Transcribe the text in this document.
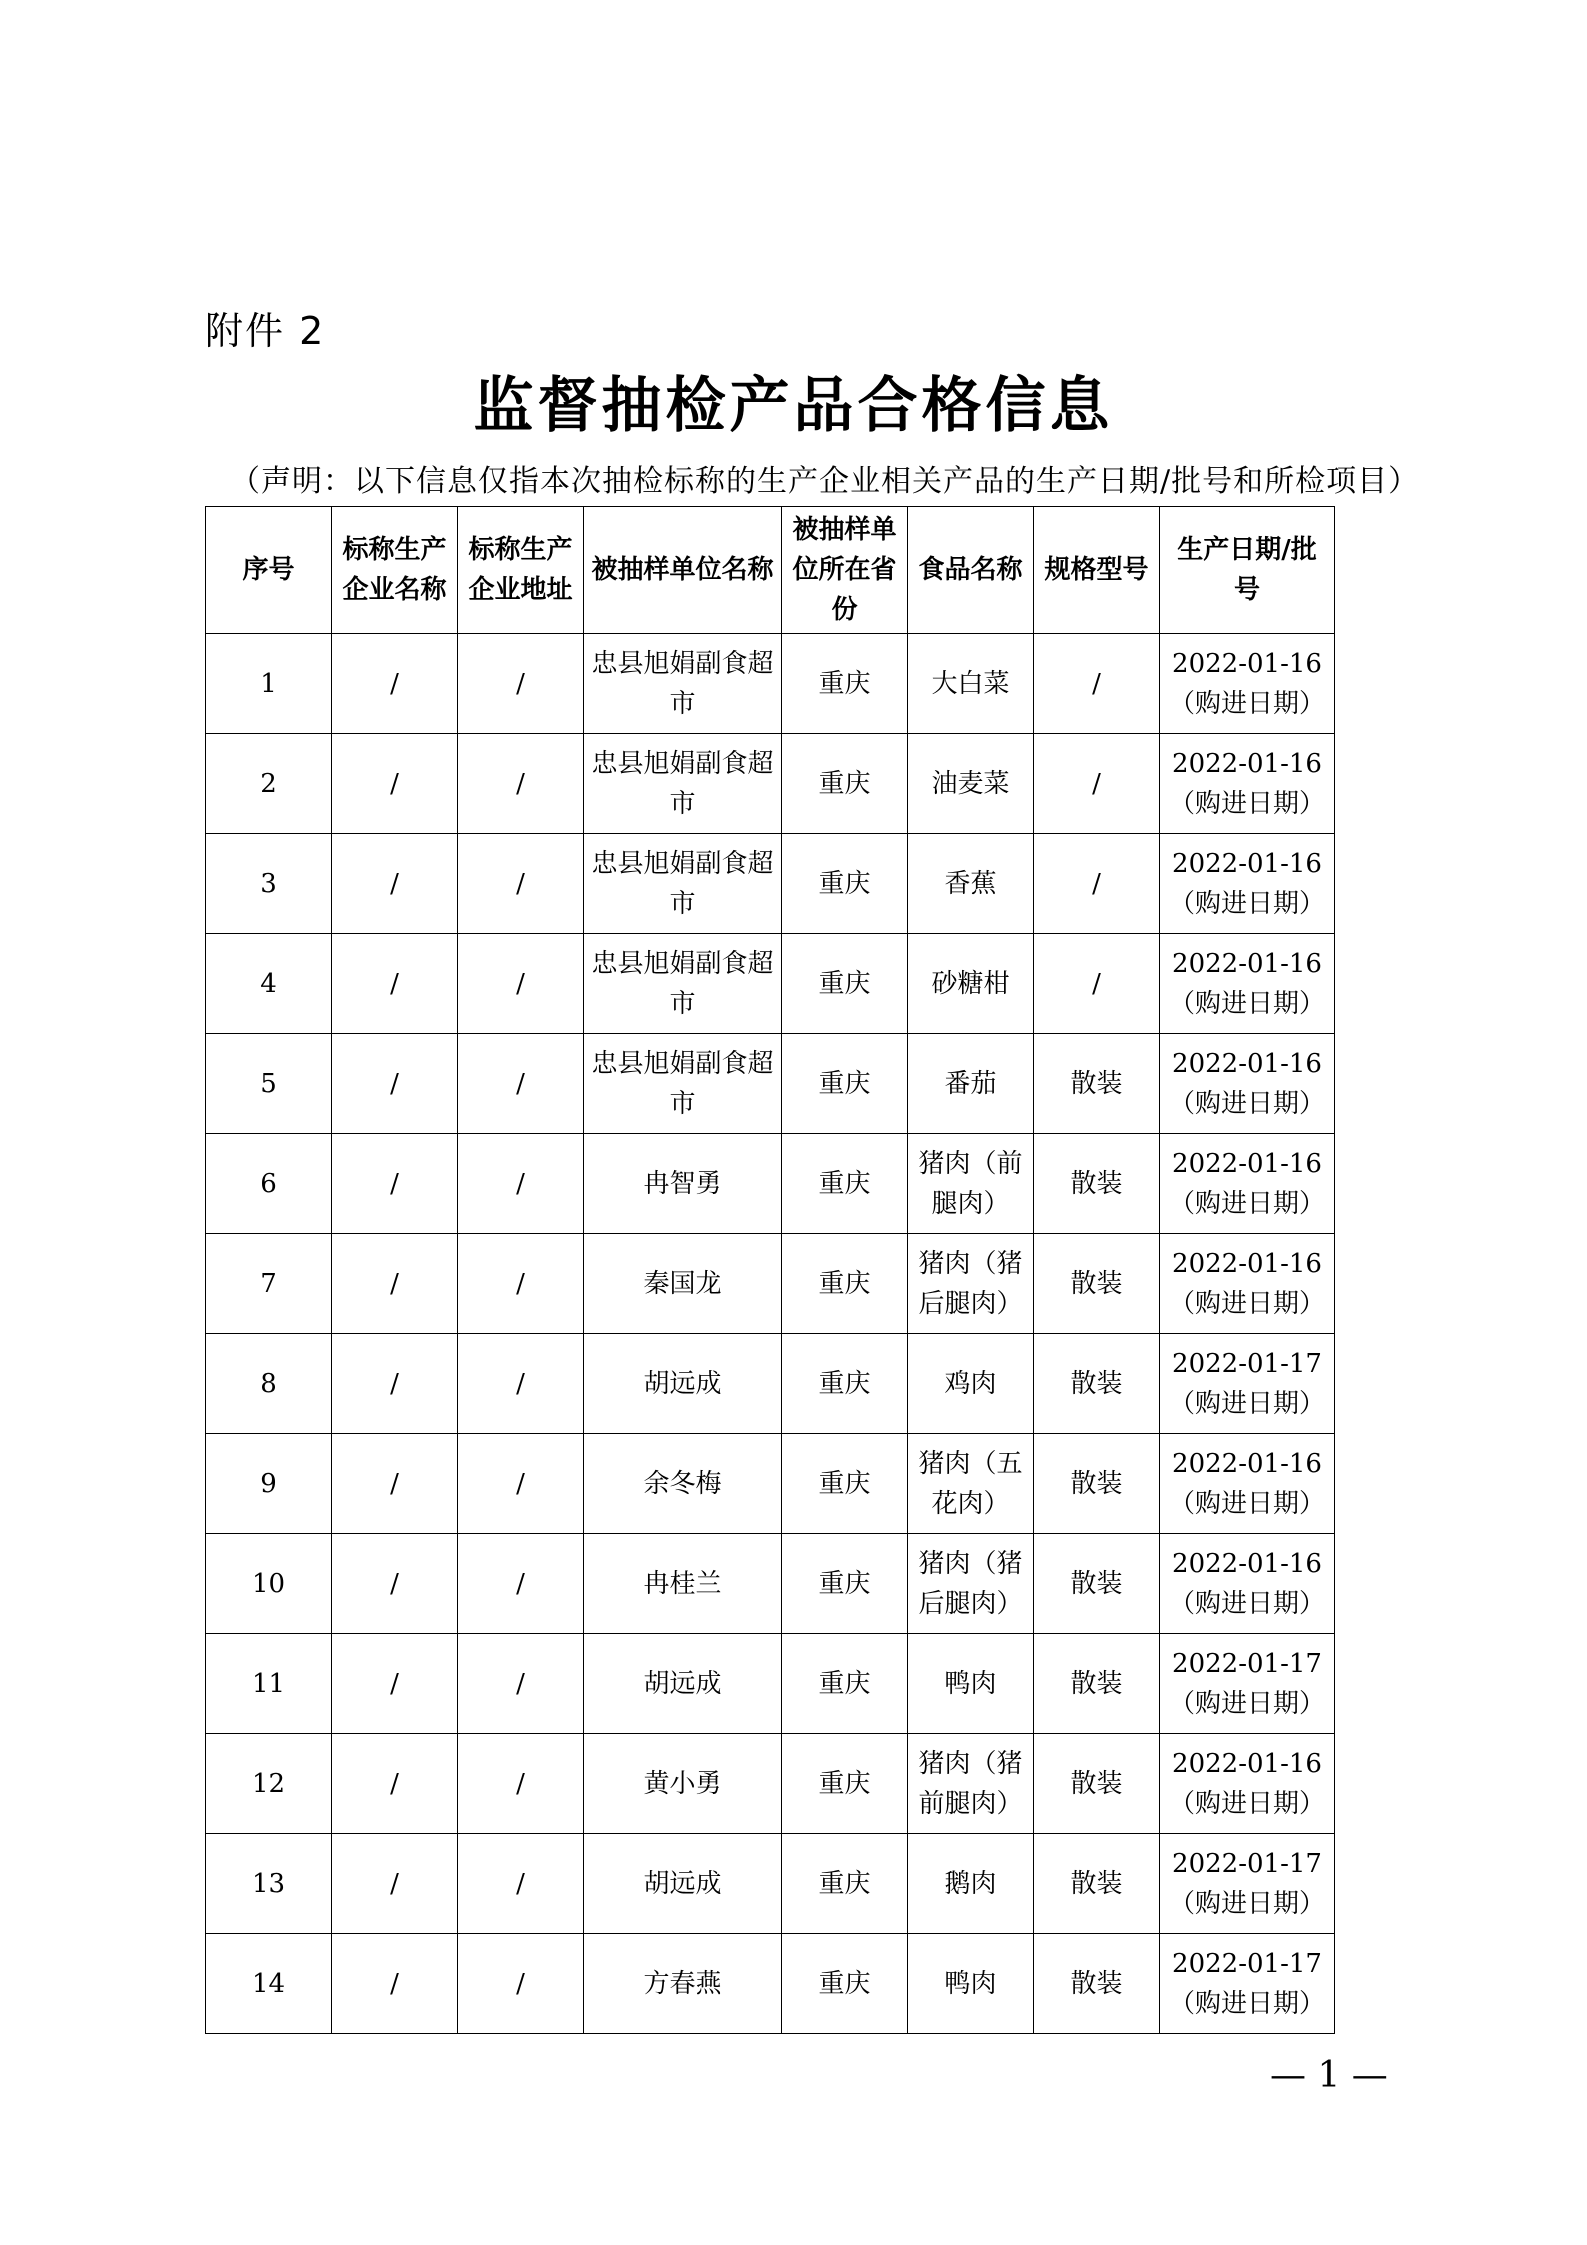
附件 2
监督抽检产品合格信息
（声明：以下信息仅指本次抽检标称的生产企业相关产品的生产日期/批号和所检项目）
序号	标称生产企业名称	标称生产企业地址	被抽样单位名称	被抽样单位所在省份	食品名称	规格型号	生产日期/批号
1	/	/	忠县旭娟副食超市	重庆	大白菜	/	2022-01-16（购进日期）
2	/	/	忠县旭娟副食超市	重庆	油麦菜	/	2022-01-16（购进日期）
3	/	/	忠县旭娟副食超市	重庆	香蕉	/	2022-01-16（购进日期）
4	/	/	忠县旭娟副食超市	重庆	砂糖柑	/	2022-01-16（购进日期）
5	/	/	忠县旭娟副食超市	重庆	番茄	散装	2022-01-16（购进日期）
6	/	/	冉智勇	重庆	猪肉（前腿肉）	散装	2022-01-16（购进日期）
7	/	/	秦国龙	重庆	猪肉（猪后腿肉）	散装	2022-01-16（购进日期）
8	/	/	胡远成	重庆	鸡肉	散装	2022-01-17（购进日期）
9	/	/	余冬梅	重庆	猪肉（五花肉）	散装	2022-01-16（购进日期）
10	/	/	冉桂兰	重庆	猪肉（猪后腿肉）	散装	2022-01-16（购进日期）
11	/	/	胡远成	重庆	鸭肉	散装	2022-01-17（购进日期）
12	/	/	黄小勇	重庆	猪肉（猪前腿肉）	散装	2022-01-16（购进日期）
13	/	/	胡远成	重庆	鹅肉	散装	2022-01-17（购进日期）
14	/	/	方春燕	重庆	鸭肉	散装	2022-01-17（购进日期）
— 1 —
